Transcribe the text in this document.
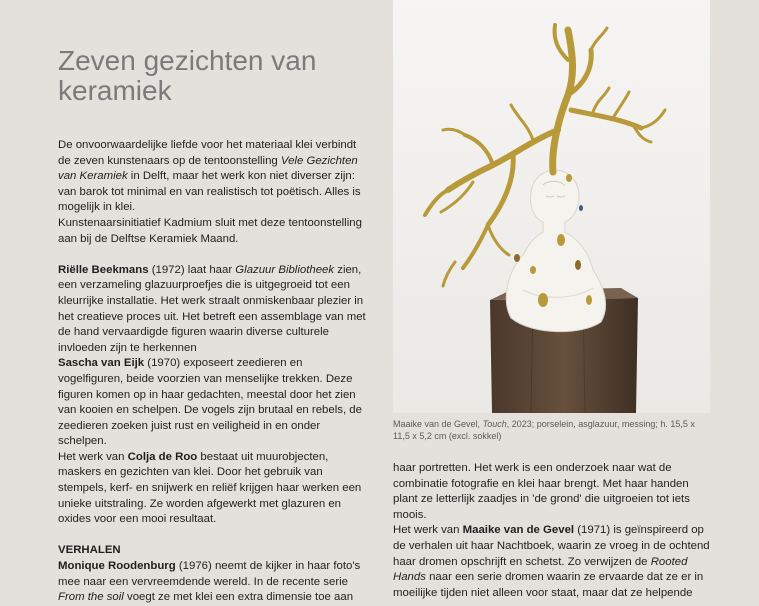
Zeven gezichten van keramiek

De onvoorwaardelijke liefde voor het materiaal klei verbindt de zeven kunstenaars op de tentoonstelling Vele Gezichten van Keramiek in Delft, maar het werk kon niet diverser zijn: van barok tot minimal en van realistisch tot poëtisch. Alles is mogelijk in klei.

Kunstenaarsinitiatief Kadmium sluit met deze tentoonstelling aan bij de Delftse Keramiek Maand.

Riëlle Beekmans (1972) laat haar Glazuur Bibliotheek zien, een verzameling glazuurproefjes die is uitgegroeid tot een kleurrijke installatie. Het werk straalt onmiskenbaar plezier in het creatieve proces uit. Het betreft een assemblage van met de hand vervaardigde figuren waarin diverse culturele invloeden zijn te herkennen

Sascha van Eijk (1970) exposeert zeedieren en vogelfiguren, beide voorzien van menselijke trekken. Deze figuren komen op in haar gedachten, meestal door het zien van kooien en schelpen. De vogels zijn brutaal en rebels, de zeedieren zoeken juist rust en veiligheid in en onder schelpen.

Het werk van Colja de Roo bestaat uit muurobjecten, maskers en gezichten van klei. Door het gebruik van stempels, kerf- en snijwerk en reliëf krijgen haar werken een unieke uitstraling. Ze worden afgewerkt met glazuren en oxides voor een mooi resultaat.

VERHALEN

Monique Roodenburg (1976) neemt de kijker in haar foto's mee naar een vervreemdende wereld. In de recente serie From the soil voegt ze met klei een extra dimensie toe aan

Maaike van de Gevel, Touch, 2023; porselein, asglazuur, messing; h. 15,5 x 11,5 x 5,2 cm (excl. sokkel)

haar portretten. Het werk is een onderzoek naar wat de combinatie fotografie en klei haar brengt. Met haar handen plant ze letterlijk zaadjes in 'de grond' die uitgroeien tot iets moois.

Het werk van Maaike van de Gevel (1971) is geïnspireerd op de verhalen uit haar Nachtboek, waarin ze vroeg in de ochtend haar dromen opschrijft en schetst. Zo verwijzen de Rooted Hands naar een serie dromen waarin ze ervaarde dat ze er in moeilijke tijden niet alleen voor staat, maar dat ze helpende
